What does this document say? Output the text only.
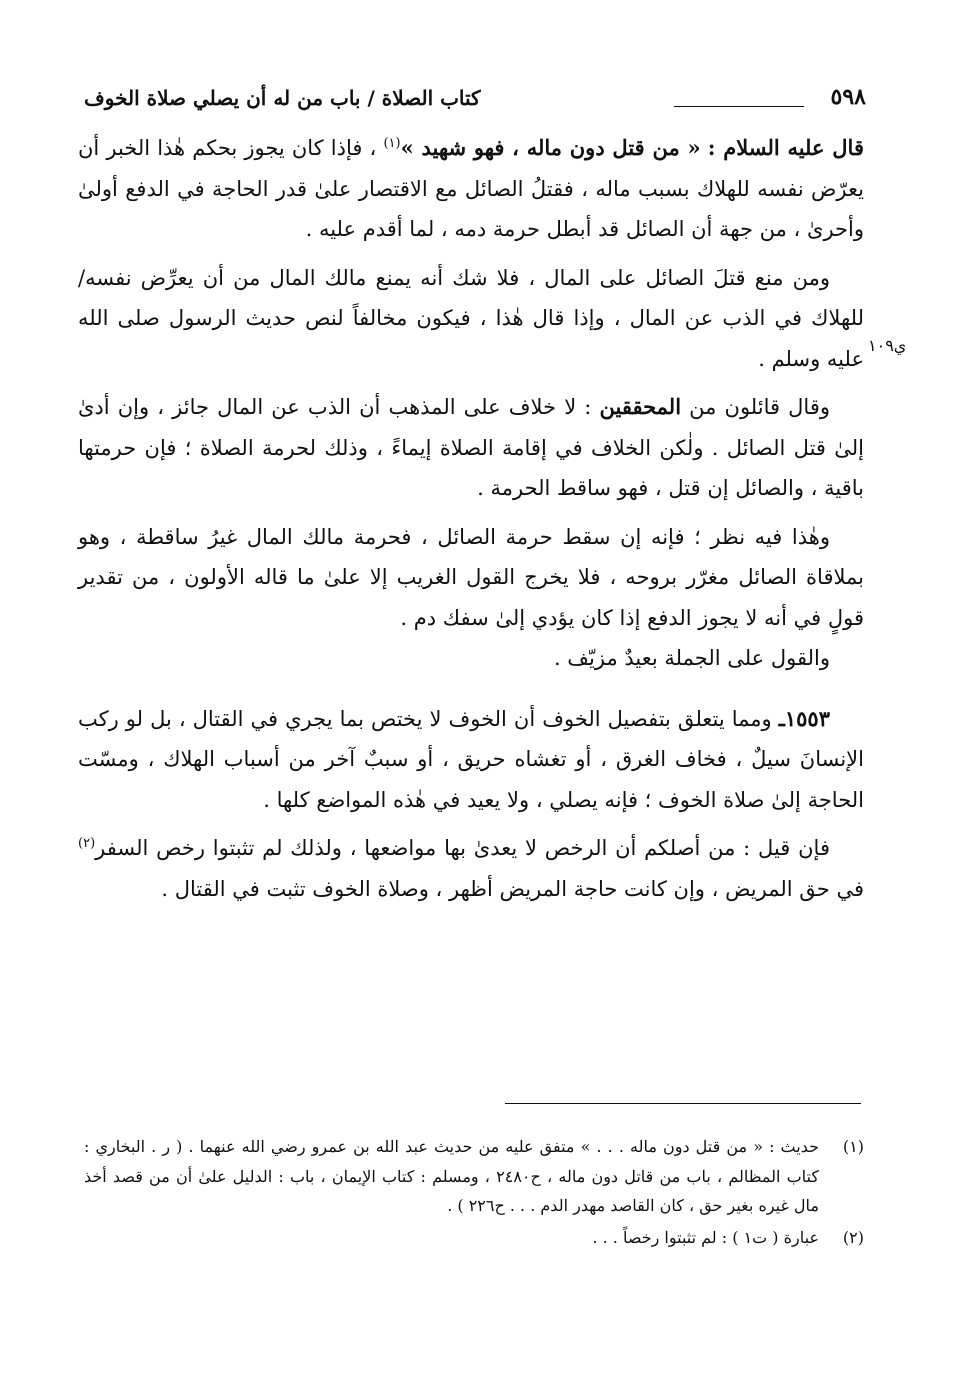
٥٩٨
كتاب الصلاة / باب من له أن يصلي صلاة الخوف
ي١٠٩

قال عليه السلام : « من قتل دون ماله ، فهو شهيد »$^{(١)}$ ، فإذا كان يجوز بحكم هٰذا الخبر أن يعرّض نفسه للهلاك بسبب ماله ، فقتلُ الصائل مع الاقتصار علىٰ قدر الحاجة في الدفع أولىٰ وأحرىٰ ، من جهة أن الصائل قد أبطل حرمة دمه ، لما أقدم عليه .

ومن منع قتلَ الصائل على المال ، فلا شك أنه يمنع مالك المال من أن يعرِّض نفسه/ للهلاك في الذب عن المال ، وإذا قال هٰذا ، فيكون مخالفاً لنص حديث الرسول صلى الله عليه وسلم .

وقال قائلون من المحققين : لا خلاف على المذهب أن الذب عن المال جائز ، وإن أدىٰ إلىٰ قتل الصائل . ولٰكن الخلاف في إقامة الصلاة إيماءً ، وذلك لحرمة الصلاة ؛ فإن حرمتها باقية ، والصائل إن قتل ، فهو ساقط الحرمة .

وهٰذا فيه نظر ؛ فإنه إن سقط حرمة الصائل ، فحرمة مالك المال غيرُ ساقطة ، وهو بملاقاة الصائل مغرّر بروحه ، فلا يخرج القول الغريب إلا علىٰ ما قاله الأولون ، من تقدير قولٍ في أنه لا يجوز الدفع إذا كان يؤدي إلىٰ سفك دم .

والقول على الجملة بعيدٌ مزيّف .

١٥٥٣ـ ومما يتعلق بتفصيل الخوف أن الخوف لا يختص بما يجري في القتال ، بل لو ركب الإنسانَ سيلٌ ، فخاف الغرق ، أو تغشاه حريق ، أو سببٌ آخر من أسباب الهلاك ، ومسّت الحاجة إلىٰ صلاة الخوف ؛ فإنه يصلي ، ولا يعيد في هٰذه المواضع كلها .

فإن قيل : من أصلكم أن الرخص لا يعدىٰ بها مواضعها ، ولذلك لم تثبتوا رخص السفر$^{(٢)}$ في حق المريض ، وإن كانت حاجة المريض أظهر ، وصلاة الخوف تثبت في القتال .

(١)
حديث : « من قتل دون ماله . . . » متفق عليه من حديث عبد الله بن عمرو رضي الله عنهما . ( ر . البخاري : كتاب المظالم ، باب من قاتل دون ماله ، ح٢٤٨٠ ، ومسلم : كتاب الإيمان ، باب : الدليل علىٰ أن من قصد أخذ مال غيره بغير حق ، كان القاصد مهدر الدم . . . ح٢٢٦ ) .

(٢)
عبارة ( ت١ ) : لم تثبتوا رخصاً . . .
